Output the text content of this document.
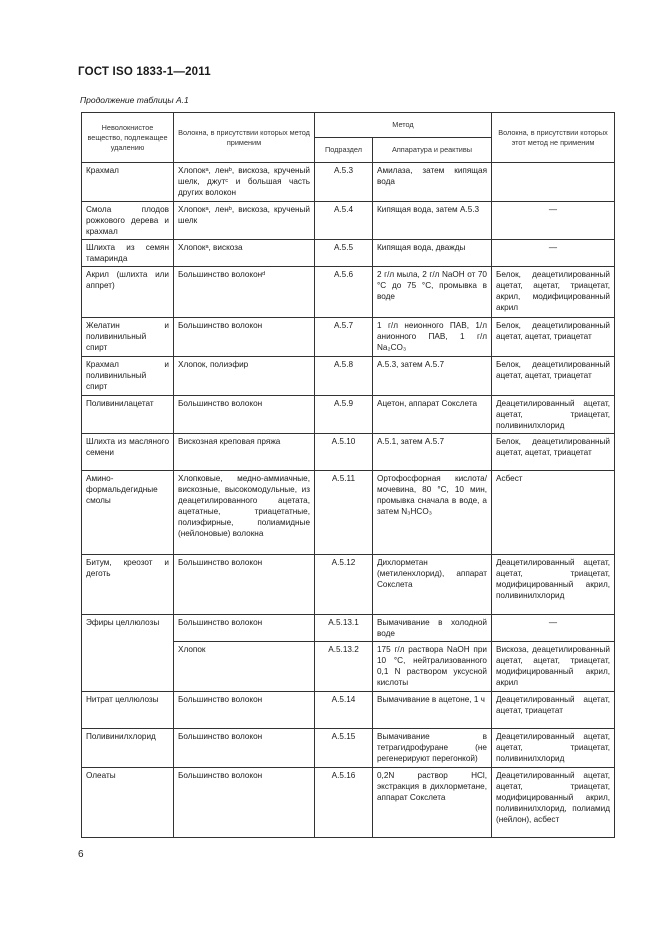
ГОСТ ISO 1833-1—2011
Продолжение таблицы А.1
Неволокнистое вещество, подлежащее удалению	Волокна, в присутствии которых метод применим	Метод		Волокна, в присутствии которых этот метод не применим
		Подраздел	Аппаратура и реактивы	
Крахмал	Хлопокᵃ, ленᵇ, вискоза, крученый шелк, джутᶜ и большая часть других волокон	А.5.3	Амилаза, затем кипящая вода	
Смола плодов рожкового дерева и крахмал	Хлопокᵃ, ленᵇ, вискоза, крученый шелк	А.5.4	Кипящая вода, затем А.5.3	—
Шлихта из семян тамаринда	Хлопокᵃ, вискоза	А.5.5	Кипящая вода, дважды	—
Акрил (шлихта или аппрет)	Большинство волоконᵈ	А.5.6	2 г/л мыла, 2 г/л NaOH от 70 °С до 75 °С, промывка в воде	Белок, деацетилированный ацетат, ацетат, триацетат, акрил, модифицированный акрил
Желатин и поливинильный спирт	Большинство волокон	А.5.7	1 г/л неионного ПАВ, 1/л анионного ПАВ, 1 г/л Na₂CO₃	Белок, деацетилированный ацетат, ацетат, триацетат
Крахмал и поливинильный спирт	Хлопок, полиэфир	А.5.8	А.5.3, затем А.5.7	Белок, деацетилированный ацетат, ацетат, триацетат
Поливинилацетат	Большинство волокон	А.5.9	Ацетон, аппарат Сокслета	Деацетилированный ацетат, ацетат, триацетат, поливинилхлорид
Шлихта из масляного семени	Вискозная креповая пряжа	А.5.10	А.5.1, затем А.5.7	Белок, деацетилированный ацетат, ацетат, триацетат
Амино-формальдегидные смолы	Хлопковые, медно-аммиачные, вискозные, высокомодульные, из деацетилированного ацетата, ацетатные, триацетатные, полиэфирные, полиамидные (нейлоновые) волокна	А.5.11	Ортофосфорная кислота/мочевина, 80 °С, 10 мин, промывка сначала в воде, а затем N₃HCO₃	Асбест
Битум, креозот и деготь	Большинство волокон	А.5.12	Дихлорметан (метиленхлорид), аппарат Сокслета	Деацетилированный ацетат, ацетат, триацетат, модифицированный акрил, поливинилхлорид
Эфиры целлюлозы	Большинство волокон	А.5.13.1	Вымачивание в холодной воде	—
	Хлопок	А.5.13.2	175 г/л раствора NaOH при 10 °С, нейтрализованного 0,1 N раствором уксусной кислоты	Вискоза, деацетилированный ацетат, ацетат, триацетат, модифицированный акрил, акрил
Нитрат целлюлозы	Большинство волокон	А.5.14	Вымачивание в ацетоне, 1 ч	Деацетилированный ацетат, ацетат, триацетат
Поливинилхлорид	Большинство волокон	А.5.15	Вымачивание в тетрагидрофуране (не регенерируют перегонкой)	Деацетилированный ацетат, ацетат, триацетат, поливинилхлорид
Олеаты	Большинство волокон	А.5.16	0,2N раствор HCl, экстракция в дихлорметане, аппарат Сокслета	Деацетилированный ацетат, ацетат, триацетат, модифицированный акрил, поливинилхлорид, полиамид (нейлон), асбест
6
